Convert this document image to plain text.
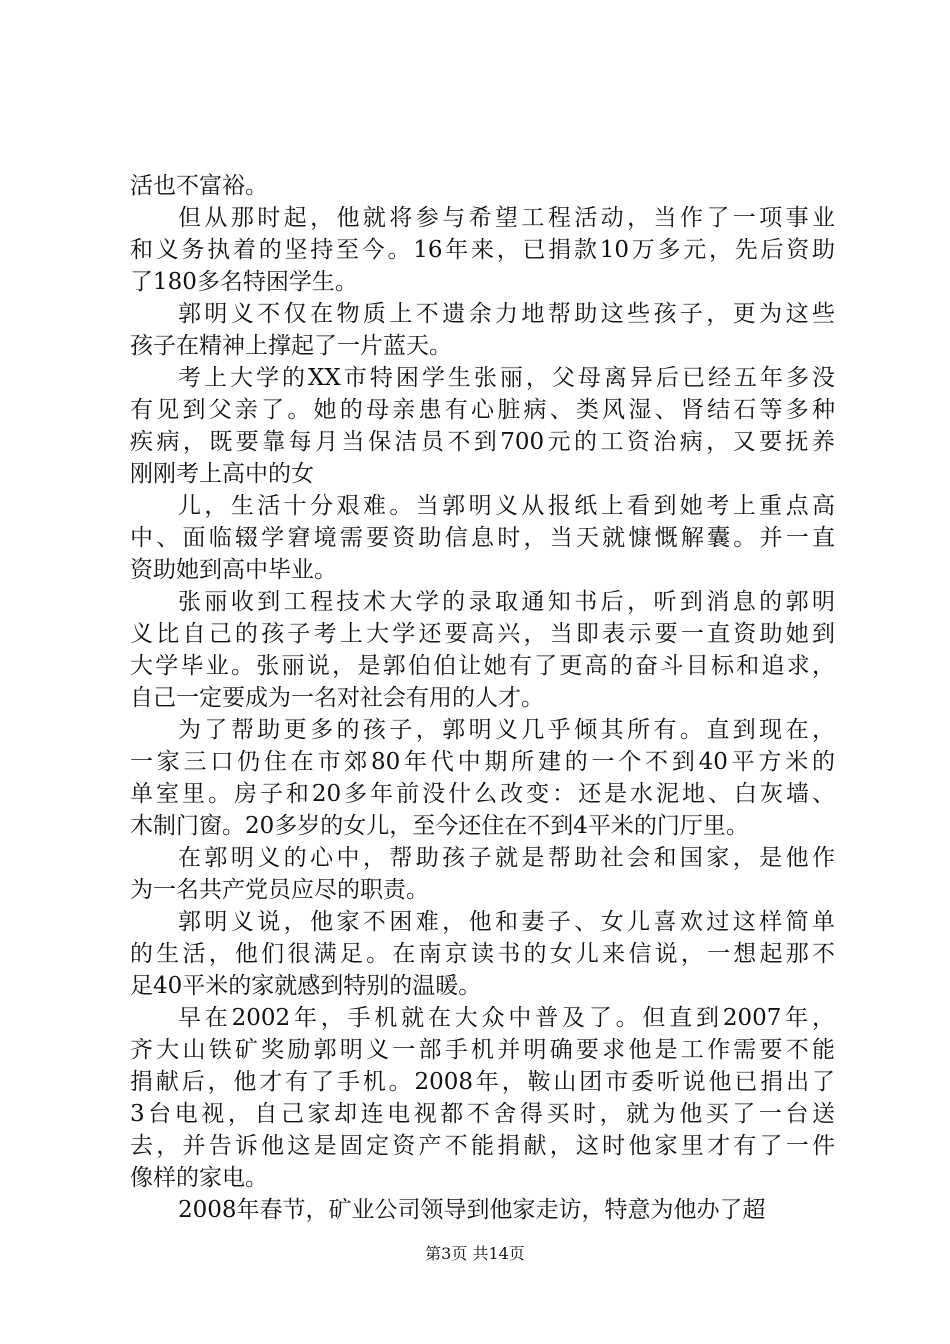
活也不富裕。
但从那时起，他就将参与希望工程活动，当作了一项事业
和义务执着的坚持至今。16年来，已捐款10万多元，先后资助
了180多名特困学生。
郭明义不仅在物质上不遗余力地帮助这些孩子，更为这些
孩子在精神上撑起了一片蓝天。
考上大学的XX市特困学生张丽，父母离异后已经五年多没
有见到父亲了。她的母亲患有心脏病、类风湿、肾结石等多种
疾病，既要靠每月当保洁员不到700元的工资治病，又要抚养
刚刚考上高中的女
儿，生活十分艰难。当郭明义从报纸上看到她考上重点高
中、面临辍学窘境需要资助信息时，当天就慷慨解囊。并一直
资助她到高中毕业。
张丽收到工程技术大学的录取通知书后，听到消息的郭明
义比自己的孩子考上大学还要高兴，当即表示要一直资助她到
大学毕业。张丽说，是郭伯伯让她有了更高的奋斗目标和追求，
自己一定要成为一名对社会有用的人才。
为了帮助更多的孩子，郭明义几乎倾其所有。直到现在，
一家三口仍住在市郊80年代中期所建的一个不到40平方米的
单室里。房子和20多年前没什么改变：还是水泥地、白灰墙、
木制门窗。20多岁的女儿，至今还住在不到4平米的门厅里。
在郭明义的心中，帮助孩子就是帮助社会和国家，是他作
为一名共产党员应尽的职责。
郭明义说，他家不困难，他和妻子、女儿喜欢过这样简单
的生活，他们很满足。在南京读书的女儿来信说，一想起那不
足40平米的家就感到特别的温暖。
早在2002年，手机就在大众中普及了。但直到2007年，
齐大山铁矿奖励郭明义一部手机并明确要求他是工作需要不能
捐献后，他才有了手机。2008年，鞍山团市委听说他已捐出了
3台电视，自己家却连电视都不舍得买时，就为他买了一台送
去，并告诉他这是固定资产不能捐献，这时他家里才有了一件
像样的家电。
2008年春节，矿业公司领导到他家走访，特意为他办了超
第3页 共14页
